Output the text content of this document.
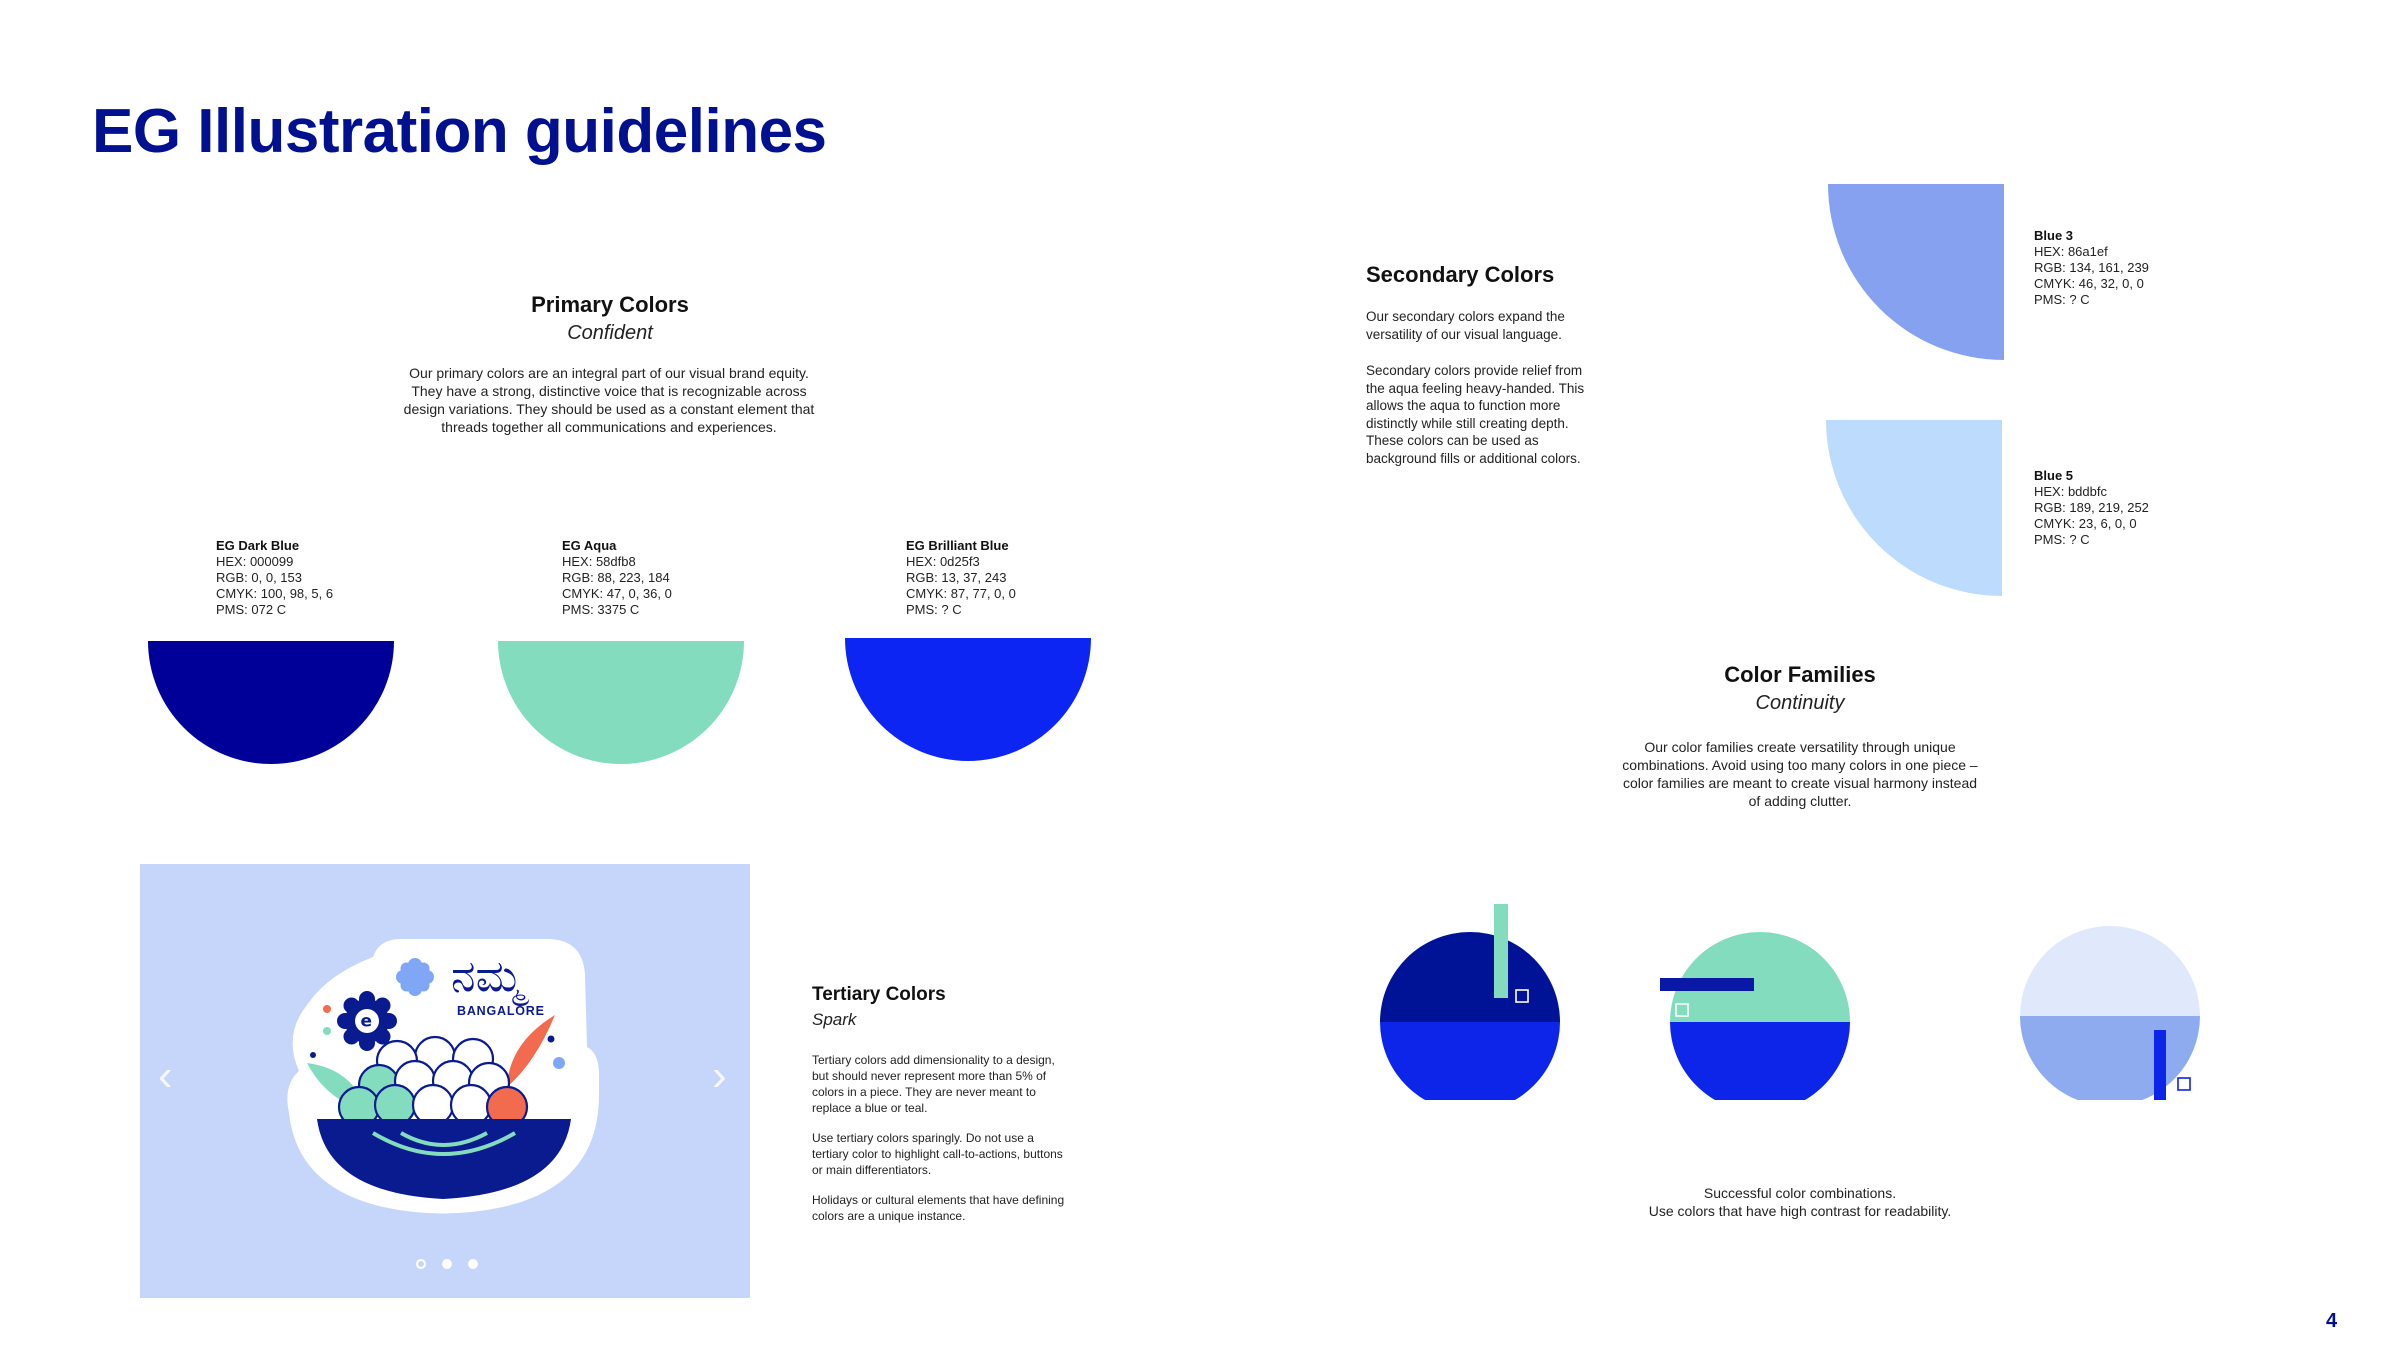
EG Illustration guidelines
Primary Colors
Confident
Our primary colors are an integral part of our visual brand equity. They have a strong, distinctive voice that is recognizable across design variations. They should be used as a constant element that threads together all communications and experiences.
EG Dark Blue
HEX: 000099
RGB: 0, 0, 153
CMYK: 100, 98, 5, 6
PMS: 072 C
EG Aqua
HEX: 58dfb8
RGB: 88, 223, 184
CMYK: 47, 0, 36, 0
PMS: 3375 C
EG Brilliant Blue
HEX: 0d25f3
RGB: 13, 37, 243
CMYK: 87, 77, 0, 0
PMS: ? C
Secondary Colors
Our secondary colors expand the versatility of our visual language.
Secondary colors provide relief from the aqua feeling heavy-handed. This allows the aqua to function more distinctly while still creating depth. These colors can be used as background fills or additional colors.
Blue 3
HEX: 86a1ef
RGB: 134, 161, 239
CMYK: 46, 32, 0, 0
PMS: ? C
Blue 5
HEX: bddbfc
RGB: 189, 219, 252
CMYK: 23, 6, 0, 0
PMS: ? C
Color Families
Continuity
Our color families create versatility through unique combinations. Avoid using too many colors in one piece – color families are meant to create visual harmony instead of adding clutter.
Successful color combinations.
Use colors that have high contrast for readability.
‹	›
ನಮ್ಮ
BANGALORE
e
Tertiary Colors
Spark
Tertiary colors add dimensionality to a design, but should never represent more than 5% of colors in a piece. They are never meant to replace a blue or teal.
Use tertiary colors sparingly. Do not use a tertiary color to highlight call-to-actions, buttons or main differentiators.
Holidays or cultural elements that have defining colors are a unique instance.
4
